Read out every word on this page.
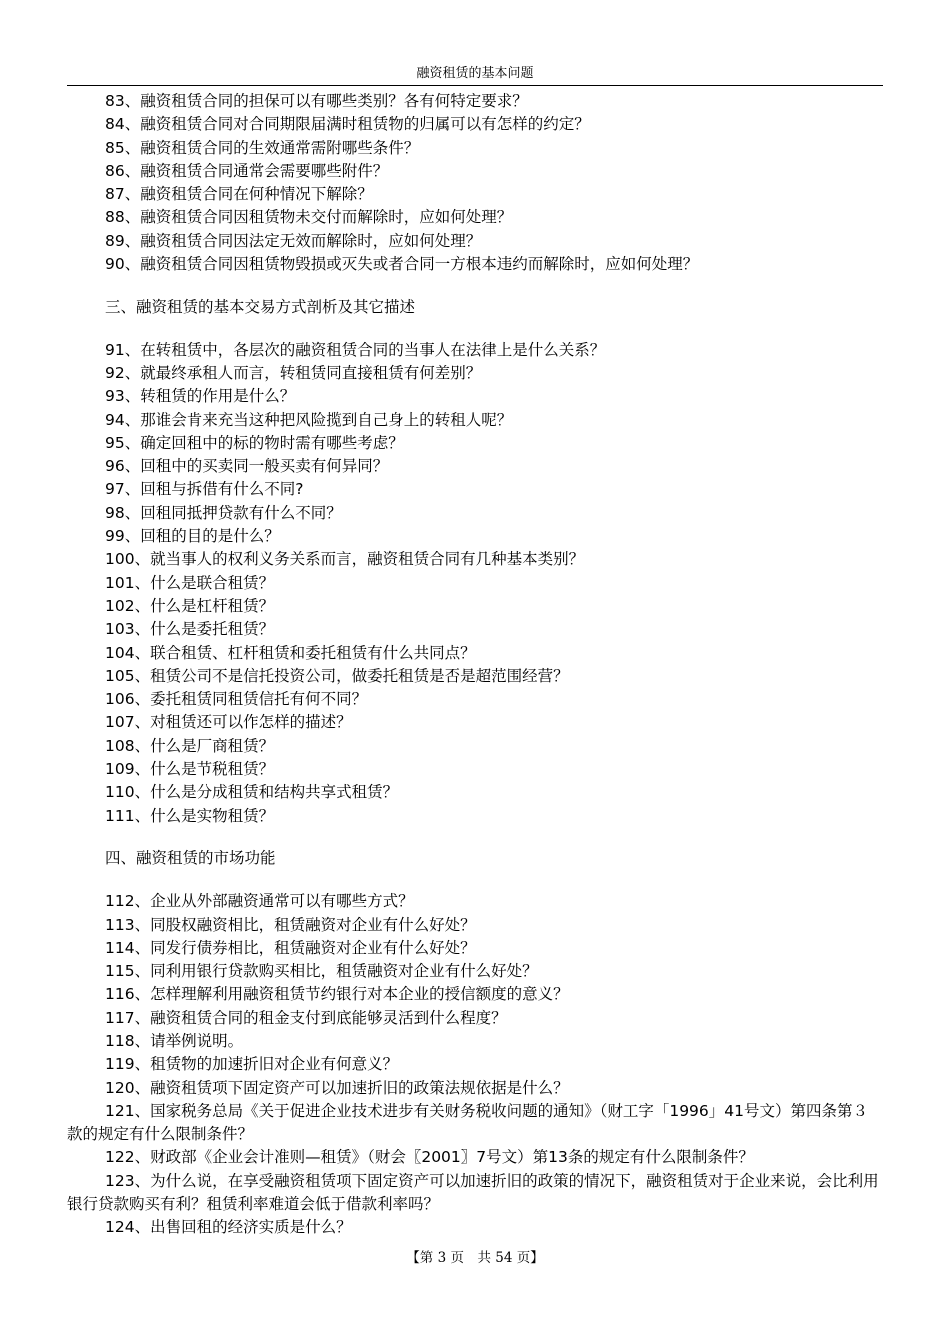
融资租赁的基本问题
83、融资租赁合同的担保可以有哪些类别？各有何特定要求？
84、融资租赁合同对合同期限届满时租赁物的归属可以有怎样的约定？
85、融资租赁合同的生效通常需附哪些条件？
86、融资租赁合同通常会需要哪些附件？
87、融资租赁合同在何种情况下解除？
88、融资租赁合同因租赁物未交付而解除时，应如何处理？
89、融资租赁合同因法定无效而解除时，应如何处理？
90、融资租赁合同因租赁物毁损或灭失或者合同一方根本违约而解除时，应如何处理？
三、融资租赁的基本交易方式剖析及其它描述
91、在转租赁中，各层次的融资租赁合同的当事人在法律上是什么关系？
92、就最终承租人而言，转租赁同直接租赁有何差别？
93、转租赁的作用是什么？
94、那谁会肯来充当这种把风险揽到自己身上的转租人呢？
95、确定回租中的标的物时需有哪些考虑？
96、回租中的买卖同一般买卖有何异同？
97、回租与拆借有什么不同?
98、回租同抵押贷款有什么不同？
99、回租的目的是什么？
100、就当事人的权利义务关系而言，融资租赁合同有几种基本类别？
101、什么是联合租赁？
102、什么是杠杆租赁？
103、什么是委托租赁？
104、联合租赁、杠杆租赁和委托租赁有什么共同点？
105、租赁公司不是信托投资公司，做委托租赁是否是超范围经营？
106、委托租赁同租赁信托有何不同？
107、对租赁还可以作怎样的描述？
108、什么是厂商租赁？
109、什么是节税租赁？
110、什么是分成租赁和结构共享式租赁？
111、什么是实物租赁？
四、融资租赁的市场功能
112、企业从外部融资通常可以有哪些方式？
113、同股权融资相比，租赁融资对企业有什么好处？
114、同发行债券相比，租赁融资对企业有什么好处？
115、同利用银行贷款购买相比，租赁融资对企业有什么好处？
116、怎样理解利用融资租赁节约银行对本企业的授信额度的意义？
117、融资租赁合同的租金支付到底能够灵活到什么程度？
118、请举例说明。
119、租赁物的加速折旧对企业有何意义？
120、融资租赁项下固定资产可以加速折旧的政策法规依据是什么？
121、国家税务总局《关于促进企业技术进步有关财务税收问题的通知》（财工字「1996」41号文）第四条第３款的规定有什么限制条件？
122、财政部《企业会计准则—租赁》（财会〖2001〗7号文）第13条的规定有什么限制条件？
123、为什么说，在享受融资租赁项下固定资产可以加速折旧的政策的情况下，融资租赁对于企业来说，会比利用银行贷款购买有利？租赁利率难道会低于借款利率吗？
124、出售回租的经济实质是什么？
【第 3 页　共 54 页】
